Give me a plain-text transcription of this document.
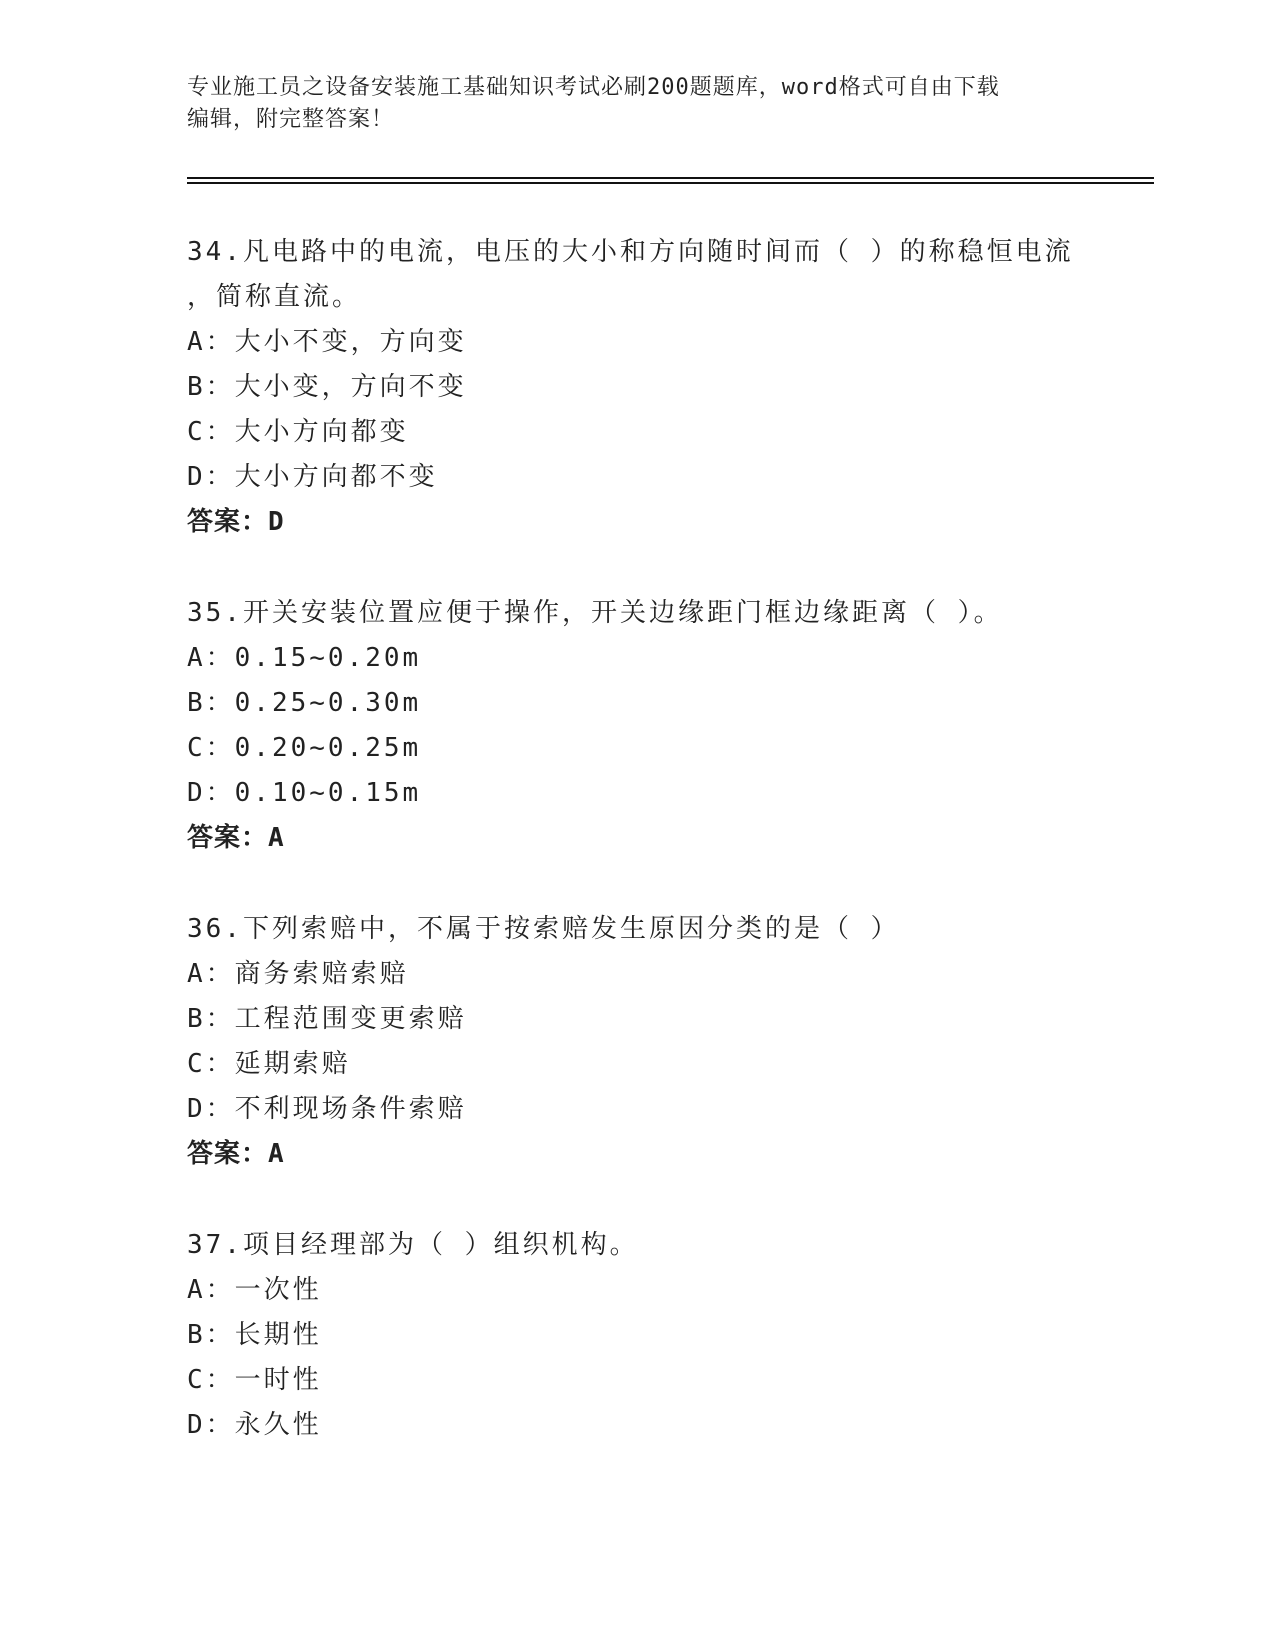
专业施工员之设备安装施工基础知识考试必刷200题题库，word格式可自由下载
编辑，附完整答案！
34.凡电路中的电流，电压的大小和方向随时间而（ ）的称稳恒电流
，简称直流。
A：大小不变，方向变
B：大小变，方向不变
C：大小方向都变
D：大小方向都不变
答案：D
35.开关安装位置应便于操作，开关边缘距门框边缘距离（ ）。
A：0.15~0.20m
B：0.25~0.30m
C：0.20~0.25m
D：0.10~0.15m
答案：A
36.下列索赔中，不属于按索赔发生原因分类的是（ ）
A：商务索赔索赔
B：工程范围变更索赔
C：延期索赔
D：不利现场条件索赔
答案：A
37.项目经理部为（ ）组织机构。
A：一次性
B：长期性
C：一时性
D：永久性
